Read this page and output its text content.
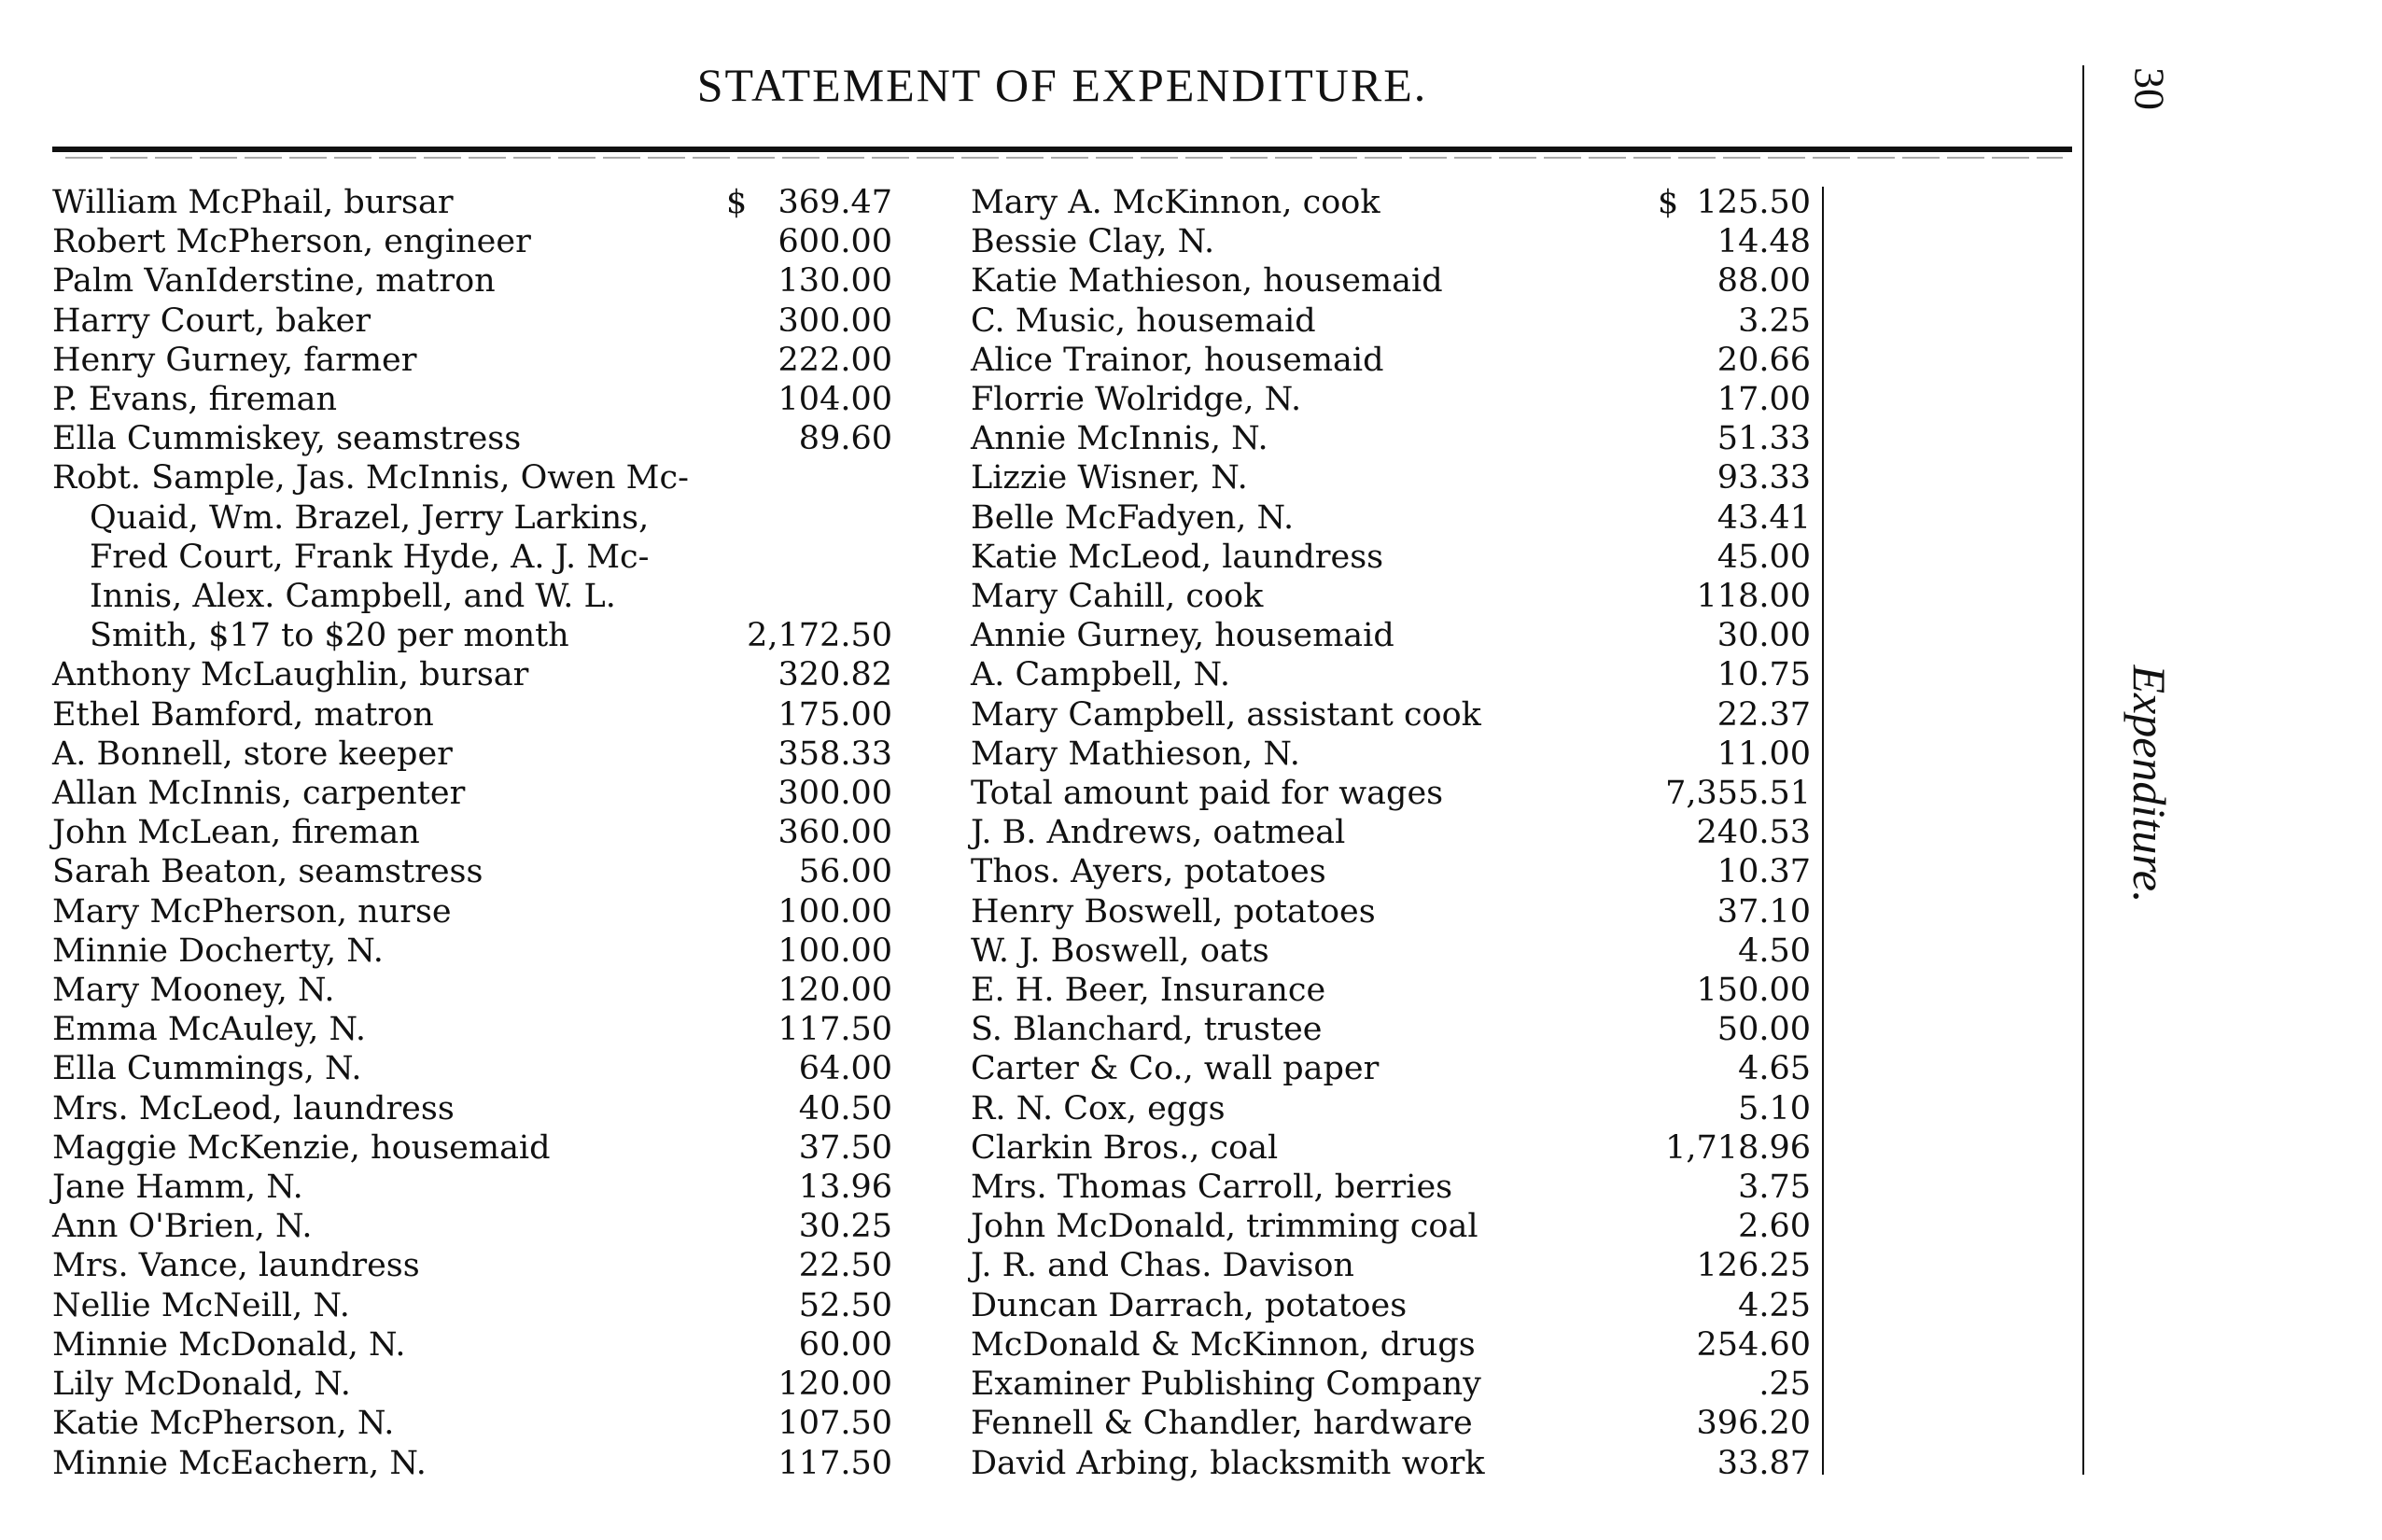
STATEMENT OF EXPENDITURE.	30
Expenditure.
William McPhail, bursar	$ 369.47
Robert McPherson, engineer	600.00
Palm VanIderstine, matron	130.00
Harry Court, baker	300.00
Henry Gurney, farmer	222.00
P. Evans, fireman	104.00
Ella Cummiskey, seamstress	89.60
Robt. Sample, Jas. McInnis, Owen Mc-
Quaid, Wm. Brazel, Jerry Larkins,
Fred Court, Frank Hyde, A. J. Mc-
Innis, Alex. Campbell, and W. L.
Smith, $17 to $20 per month	2,172.50
Anthony McLaughlin, bursar	320.82
Ethel Bamford, matron	175.00
A. Bonnell, store keeper	358.33
Allan McInnis, carpenter	300.00
John McLean, fireman	360.00
Sarah Beaton, seamstress	56.00
Mary McPherson, nurse	100.00
Minnie Docherty, N.	100.00
Mary Mooney, N.	120.00
Emma McAuley, N.	117.50
Ella Cummings, N.	64.00
Mrs. McLeod, laundress	40.50
Maggie McKenzie, housemaid	37.50
Jane Hamm, N.	13.96
Ann O'Brien, N.	30.25
Mrs. Vance, laundress	22.50
Nellie McNeill, N.	52.50
Minnie McDonald, N.	60.00
Lily McDonald, N.	120.00
Katie McPherson, N.	107.50
Minnie McEachern, N.	117.50
Mary A. McKinnon, cook	$ 125.50
Bessie Clay, N.	14.48
Katie Mathieson, housemaid	88.00
C. Music, housemaid	3.25
Alice Trainor, housemaid	20.66
Florrie Wolridge, N.	17.00
Annie McInnis, N.	51.33
Lizzie Wisner, N.	93.33
Belle McFadyen, N.	43.41
Katie McLeod, laundress	45.00
Mary Cahill, cook	118.00
Annie Gurney, housemaid	30.00
A. Campbell, N.	10.75
Mary Campbell, assistant cook	22.37
Mary Mathieson, N.	11.00
Total amount paid for wages	7,355.51
J. B. Andrews, oatmeal	240.53
Thos. Ayers, potatoes	10.37
Henry Boswell, potatoes	37.10
W. J. Boswell, oats	4.50
E. H. Beer, Insurance	150.00
S. Blanchard, trustee	50.00
Carter & Co., wall paper	4.65
R. N. Cox, eggs	5.10
Clarkin Bros., coal	1,718.96
Mrs. Thomas Carroll, berries	3.75
John McDonald, trimming coal	2.60
J. R. and Chas. Davison	126.25
Duncan Darrach, potatoes	4.25
McDonald & McKinnon, drugs	254.60
Examiner Publishing Company	.25
Fennell & Chandler, hardware	396.20
David Arbing, blacksmith work	33.87
